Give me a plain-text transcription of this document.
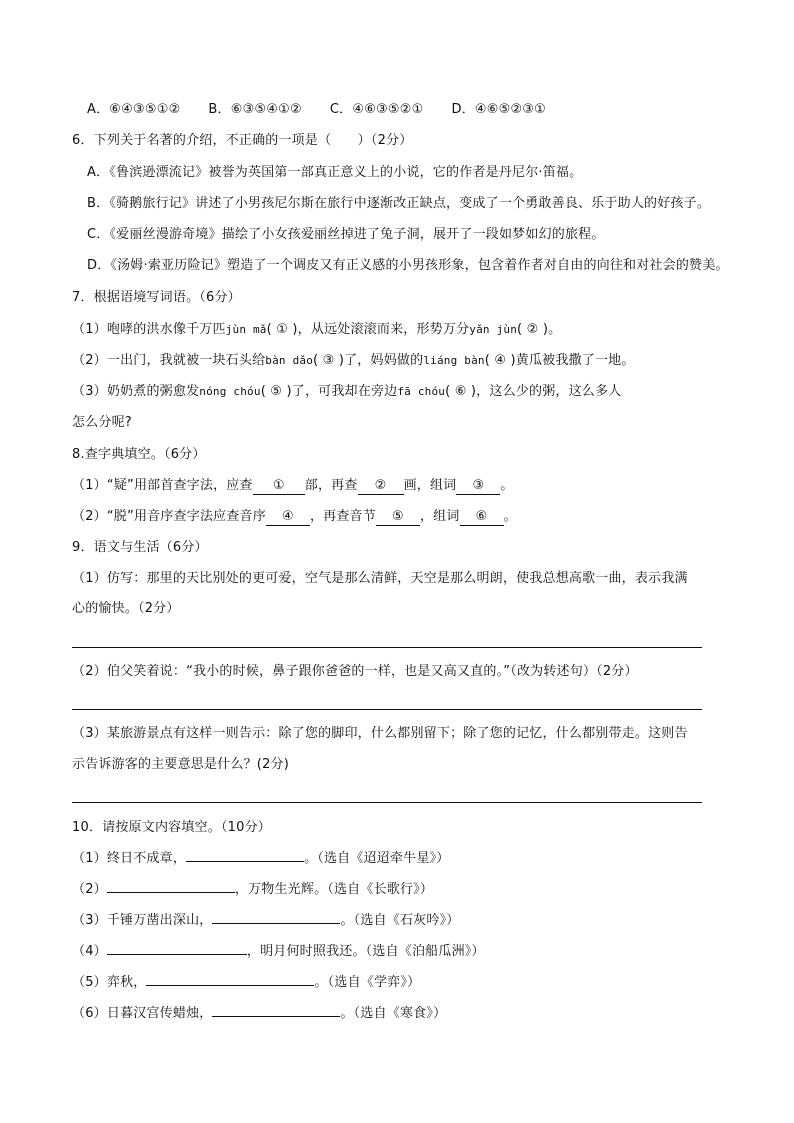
A．⑥④③⑤①② B．⑥③⑤④①② C．④⑥③⑤②① D．④⑥⑤②③①
6．下列关于名著的介绍，不正确的一项是（　　）（2分）
A．《鲁滨逊漂流记》被誉为英国第一部真正意义上的小说，它的作者是丹尼尔·笛福。
B．《骑鹅旅行记》讲述了小男孩尼尔斯在旅行中逐渐改正缺点，变成了一个勇敢善良、乐于助人的好孩子。
C．《爱丽丝漫游奇境》描绘了小女孩爱丽丝掉进了兔子洞，展开了一段如梦如幻的旅程。
D．《汤姆·索亚历险记》塑造了一个调皮又有正义感的小男孩形象，包含着作者对自由的向往和对社会的赞美。
7．根据语境写词语。（6分）
（1）咆哮的洪水像千万匹jùn mǎ( ① )，从远处滚滚而来，形势万分yǎn jùn( ② )。
（2）一出门，我就被一块石头给bàn dǎo( ③ )了，妈妈做的liáng bàn( ④ )黄瓜被我撒了一地。
（3）奶奶煮的粥愈发nóng chóu( ⑤ )了，可我却在旁边fā chóu( ⑥ )，这么少的粥，这么多人
怎么分呢?
8.查字典填空。（6分）
（1）“疑”用部首查字法，应查 ① 部，再查 ② 画，组词 ③ 。
（2）“脱”用音序查字法应查音序 ④ ，再查音节 ⑤ ，组词 ⑥ 。
9．语文与生活（6分）
（1）仿写：那里的天比别处的更可爱，空气是那么清鲜，天空是那么明朗，使我总想高歌一曲，表示我满
心的愉快。（2分）
（2）伯父笑着说：“我小的时候，鼻子跟你爸爸的一样，也是又高又直的。”（改为转述句）（2分）
（3）某旅游景点有这样一则告示：除了您的脚印，什么都别留下；除了您的记忆，什么都别带走。这则告
示告诉游客的主要意思是什么？(2分)
10．请按原文内容填空。（10分）
（1）终日不成章，	。（选自《迢迢牵牛星》）
（2）	，万物生光辉。（选自《长歌行》）
（3）千锤万凿出深山，	。（选自《石灰吟》）
（4）	，明月何时照我还。（选自《泊船瓜洲》）
（5）弈秋，	。（选自《学弈》）
（6）日暮汉宫传蜡烛，	。（选自《寒食》）
